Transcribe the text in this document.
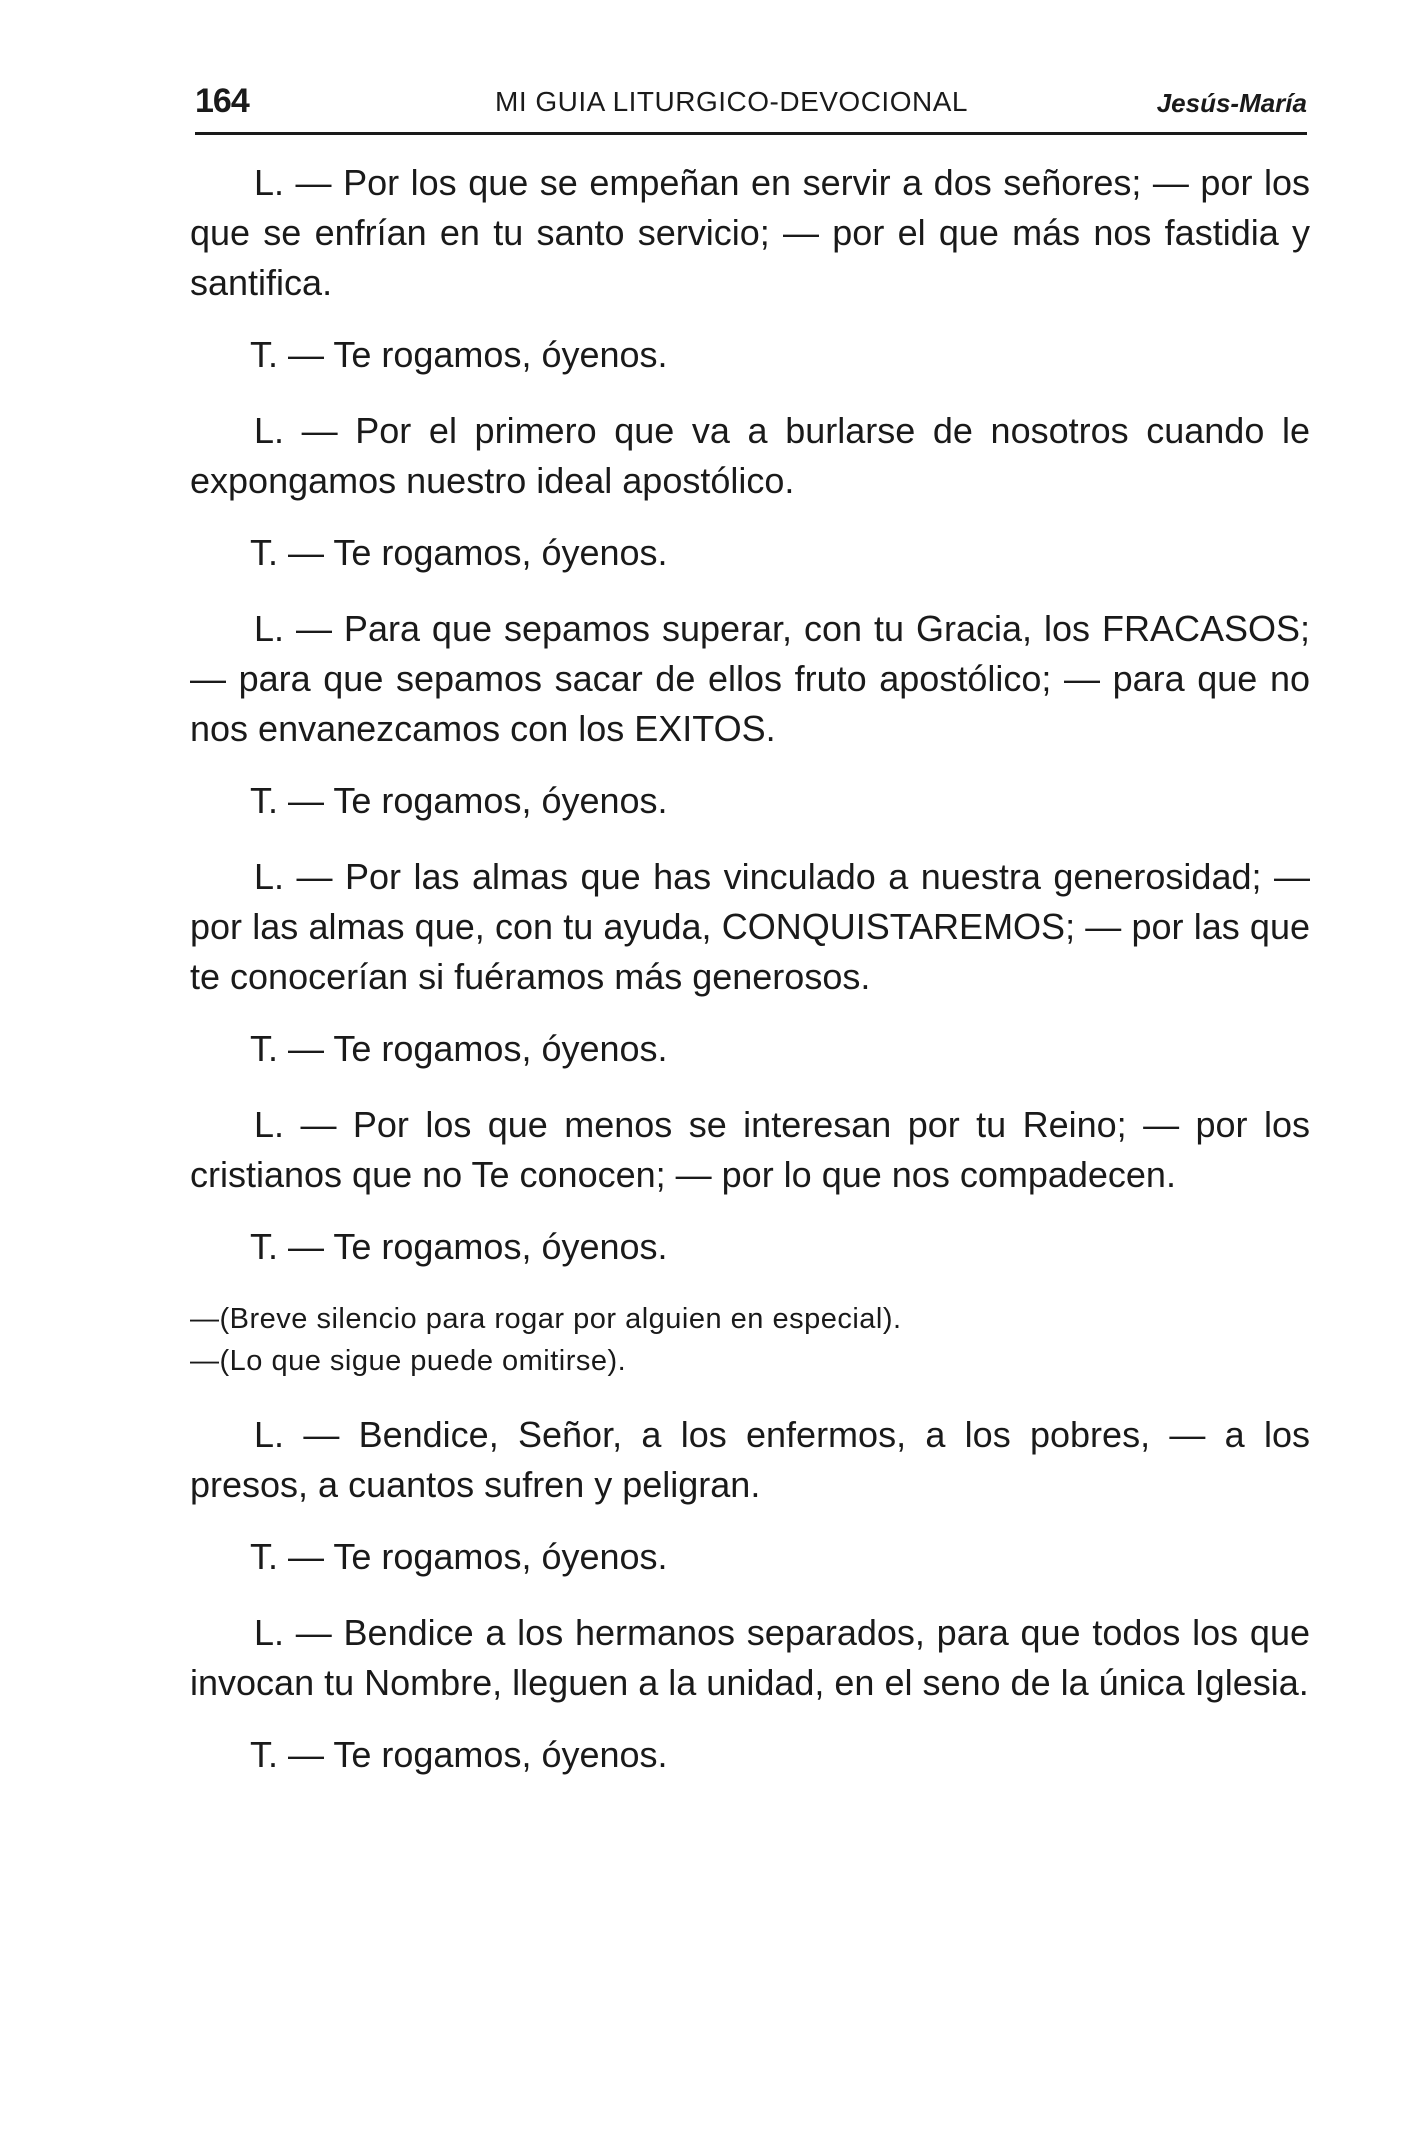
164	MI GUIA LITURGICO-DEVOCIONAL	Jesús-María

L. — Por los que se empeñan en servir a dos señores; — por los que se enfrían en tu santo servicio; — por el que más nos fastidia y santifica.

T. — Te rogamos, óyenos.

L. — Por el primero que va a burlarse de nosotros cuando le expongamos nuestro ideal apostólico.

T. — Te rogamos, óyenos.

L. — Para que sepamos superar, con tu Gracia, los FRACASOS; — para que sepamos sacar de ellos fruto apostólico; — para que no nos envanezcamos con los EXITOS.

T. — Te rogamos, óyenos.

L. — Por las almas que has vinculado a nuestra generosidad; — por las almas que, con tu ayuda, CONQUISTAREMOS; — por las que te conocerían si fuéramos más generosos.

T. — Te rogamos, óyenos.

L. — Por los que menos se interesan por tu Reino; — por los cristianos que no Te conocen; — por lo que nos compadecen.

T. — Te rogamos, óyenos.

—(Breve silencio para rogar por alguien en especial).

—(Lo que sigue puede omitirse).

L. — Bendice, Señor, a los enfermos, a los pobres, — a los presos, a cuantos sufren y peligran.

T. — Te rogamos, óyenos.

L. — Bendice a los hermanos separados, para que todos los que invocan tu Nombre, lleguen a la unidad, en el seno de la única Iglesia.

T. — Te rogamos, óyenos.
